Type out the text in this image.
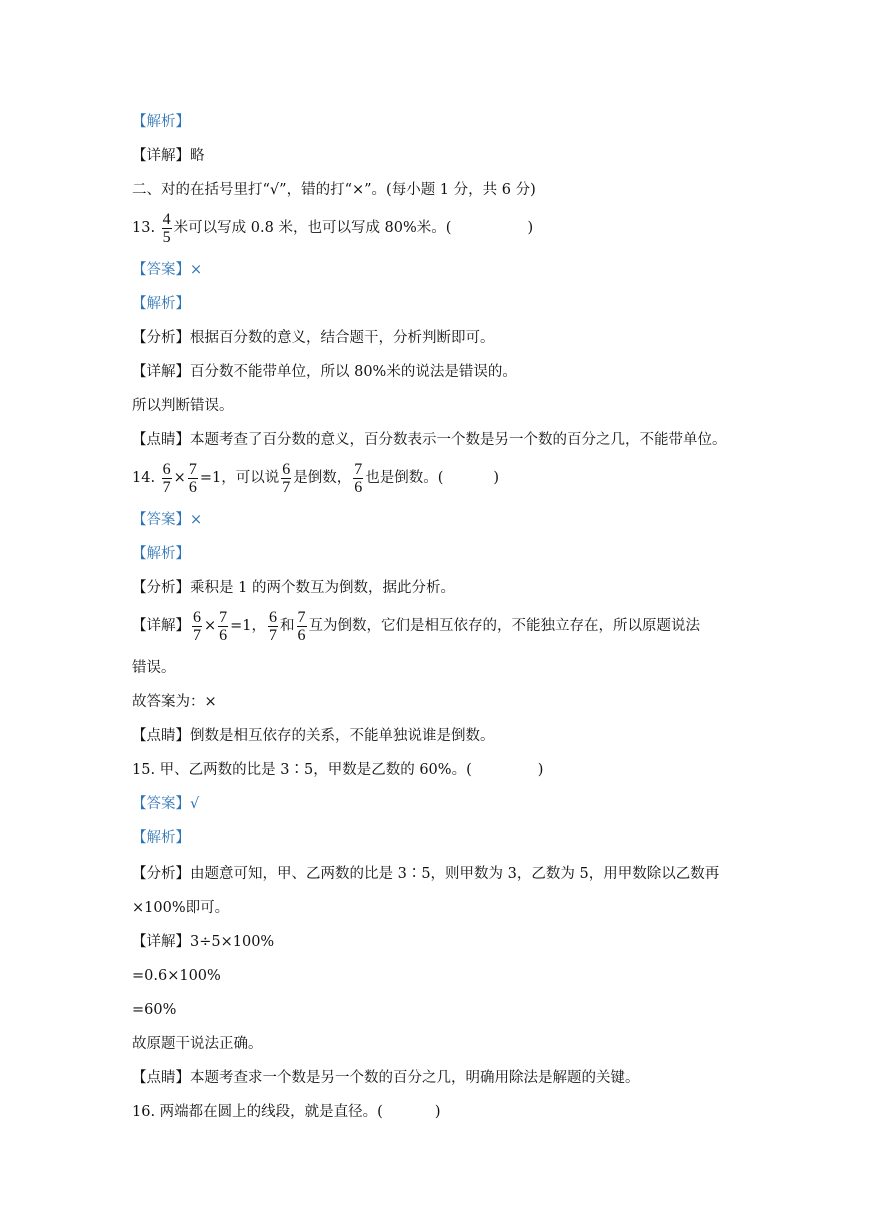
【解析】
【详解】略
二、对的在括号里打“√”，错的打“×”。(每小题 1 分，共 6 分)
13. $\frac{4}{5}$ 米可以写成 0.8 米，也可以写成 80%米。(	)
【答案】×
【解析】
【分析】根据百分数的意义，结合题干，分析判断即可。
【详解】百分数不能带单位，所以 80%米的说法是错误的。
所以判断错误。
【点睛】本题考查了百分数的意义，百分数表示一个数是另一个数的百分之几，不能带单位。
14. $\frac{6}{7} \times \frac{7}{6} =1$，可以说 $\frac{6}{7}$ 是倒数， $\frac{7}{6}$ 也是倒数。(	)
【答案】×
【解析】
【分析】乘积是 1 的两个数互为倒数，据此分析。
【详解】 $\frac{6}{7} \times \frac{7}{6} =1$， $\frac{6}{7}$ 和 $\frac{7}{6}$ 互为倒数，它们是相互依存的，不能独立存在，所以原题说法
错误。
故答案为：×
【点睛】倒数是相互依存的关系，不能单独说谁是倒数。
15. 甲、乙两数的比是 3∶5，甲数是乙数的 60%。(	)
【答案】√
【解析】
【分析】由题意可知，甲、乙两数的比是 3∶5，则甲数为 3，乙数为 5，用甲数除以乙数再
×100%即可。
【详解】3÷5×100%
=0.6×100%
=60%
故原题干说法正确。
【点睛】本题考查求一个数是另一个数的百分之几，明确用除法是解题的关键。
16. 两端都在圆上的线段，就是直径。(	)
